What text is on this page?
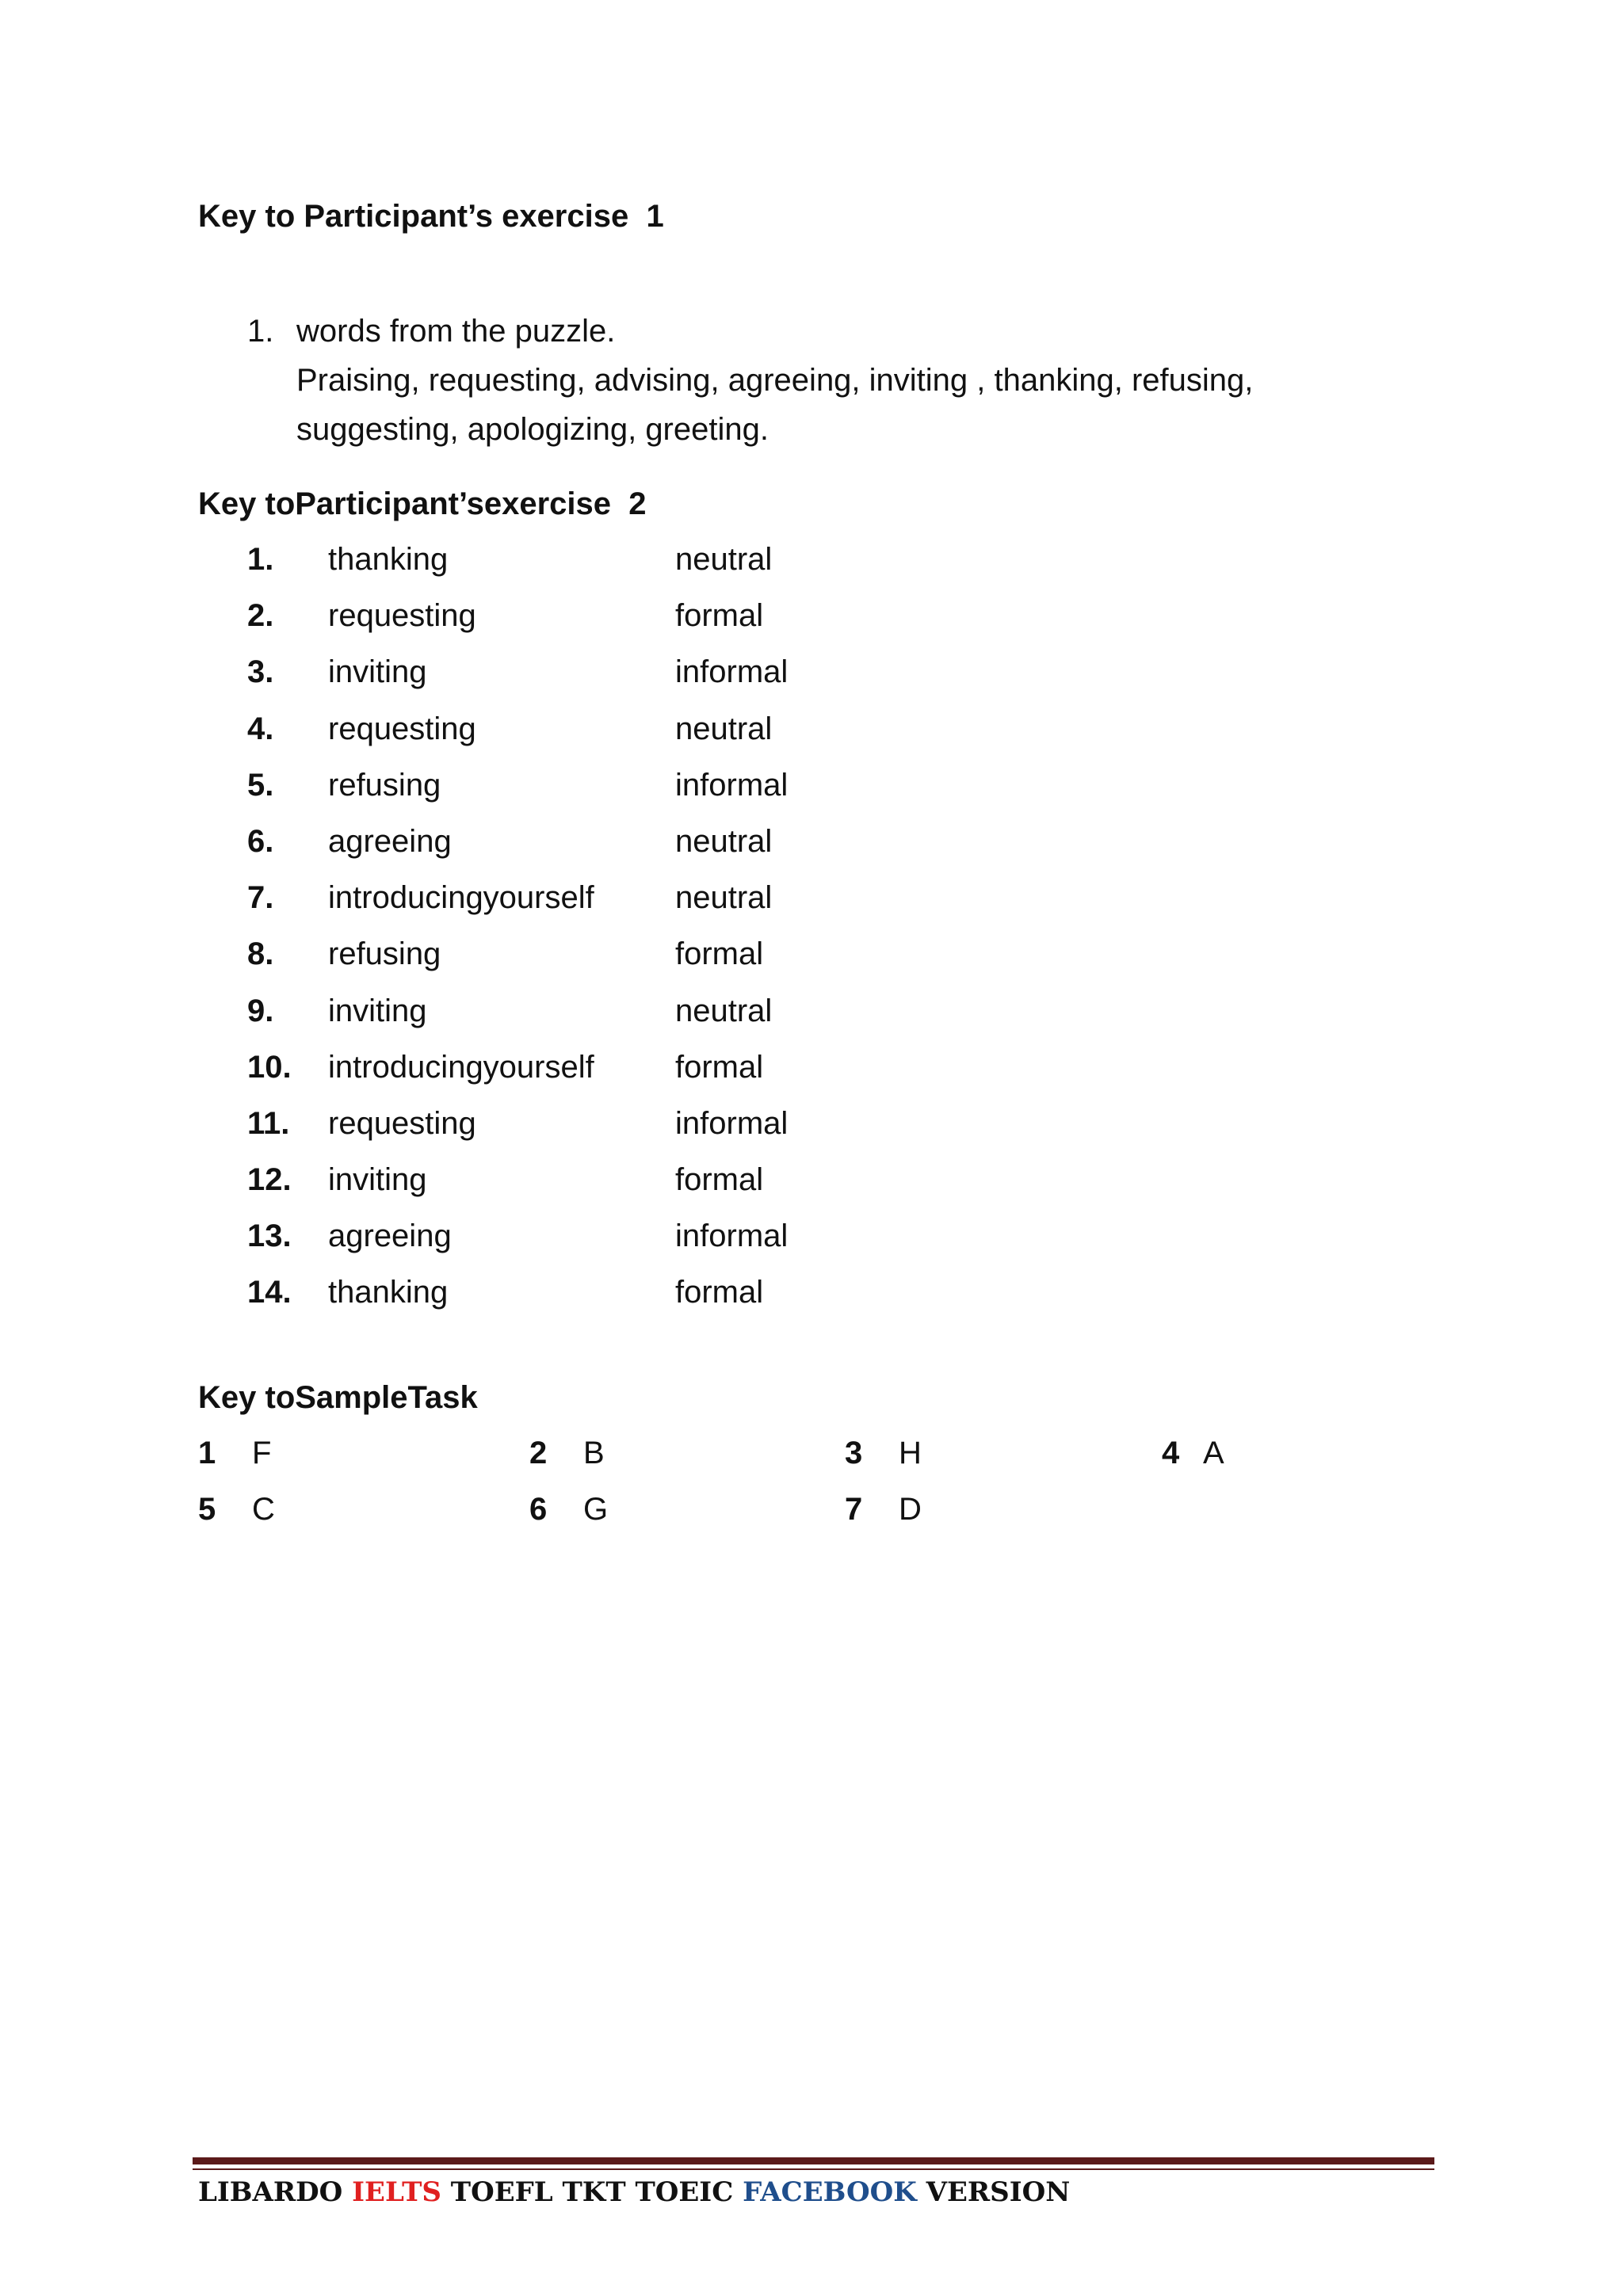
Key to Participant’s exercise  1
1. words from the puzzle.
Praising, requesting, advising, agreeing, inviting , thanking, refusing,
suggesting, apologizing, greeting.
Key toParticipant’sexercise  2
1. thanking	neutral
2. requesting	formal
3. inviting	informal
4. requesting	neutral
5. refusing	informal
6. agreeing	neutral
7. introducingyourself	neutral
8. refusing	formal
9. inviting	neutral
10. introducingyourself	formal
11. requesting	informal
12. inviting	formal
13. agreeing	informal
14. thanking	formal
Key toSampleTask
1 F	2 B	3 H	4 A
5 C	6 G	7 D
LIBARDO IELTS TOEFL TKT TOEIC FACEBOOK VERSION
